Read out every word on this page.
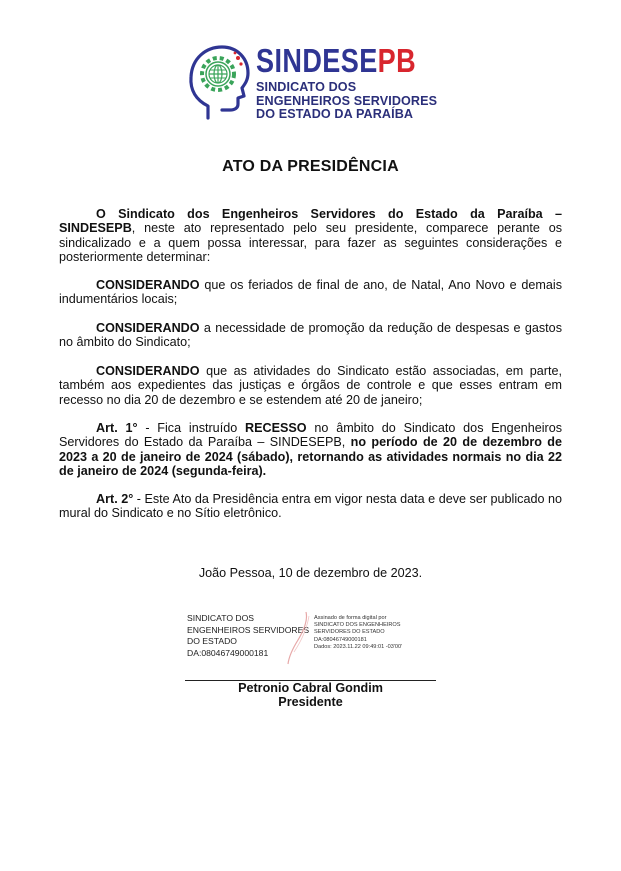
SINDESEPB
SINDICATO DOS
ENGENHEIROS SERVIDORES
DO ESTADO DA PARAÍBA
ATO DA PRESIDÊNCIA
O Sindicato dos Engenheiros Servidores do Estado da Paraíba – SINDESEPB, neste ato representado pelo seu presidente, comparece perante os sindicalizado e a quem possa interessar, para fazer as seguintes considerações e posteriormente determinar:
CONSIDERANDO que os feriados de final de ano, de Natal, Ano Novo e demais indumentários locais;
CONSIDERANDO a necessidade de promoção da redução de despesas e gastos no âmbito do Sindicato;
CONSIDERANDO que as atividades do Sindicato estão associadas, em parte, também aos expedientes das justiças e órgãos de controle e que esses entram em recesso no dia 20 de dezembro e se estendem até 20 de janeiro;
Art. 1° - Fica instruído RECESSO no âmbito do Sindicato dos Engenheiros Servidores do Estado da Paraíba – SINDESEPB, no período de 20 de dezembro de 2023 a 20 de janeiro de 2024 (sábado), retornando as atividades normais no dia 22 de janeiro de 2024 (segunda-feira).
Art. 2° - Este Ato da Presidência entra em vigor nesta data e deve ser publicado no mural do Sindicato e no Sítio eletrônico.
João Pessoa, 10 de dezembro de 2023.
SINDICATO DOS
ENGENHEIROS SERVIDORES
DO ESTADO
DA:08046749000181
Assinado de forma digital por
SINDICATO DOS ENGENHEIROS
SERVIDORES DO ESTADO
DA:08046749000181
Dados: 2023.11.22 09:49:01 -03'00'
Petronio Cabral Gondim
Presidente
